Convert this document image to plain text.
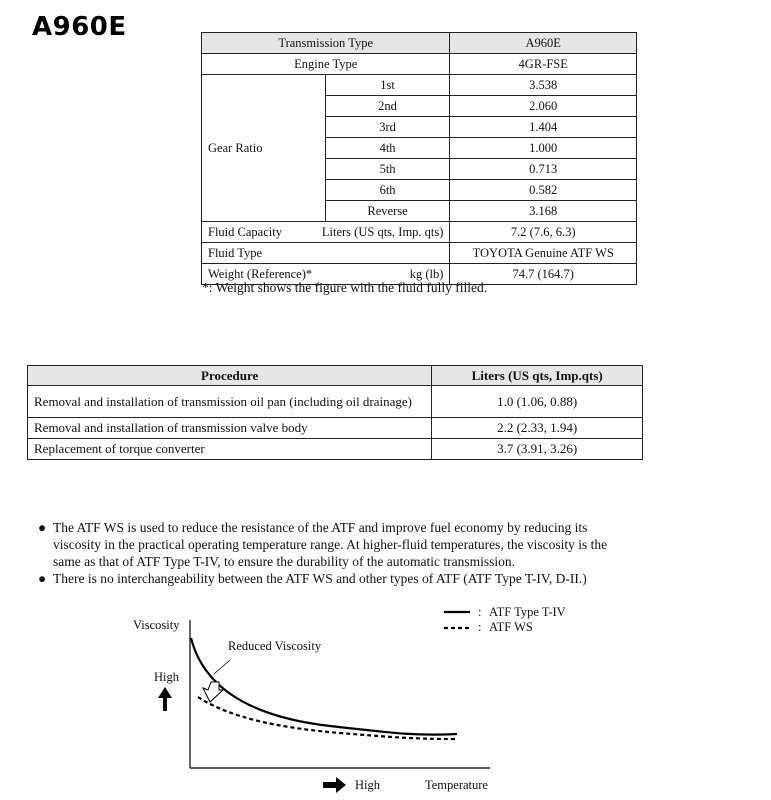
A960E
Transmission Type		A960E
Engine Type		4GR-FSE
Gear Ratio	1st	3.538
	2nd	2.060
	3rd	1.404
	4th	1.000
	5th	0.713
	6th	0.582
	Reverse	3.168
Fluid Capacity Liters (US qts, Imp. qts)		7.2 (7.6, 6.3)
Fluid Type		TOYOTA Genuine ATF WS
Weight (Reference)* kg (lb)		74.7 (164.7)
*: Weight shows the figure with the fluid fully filled.
Procedure	Liters (US qts, Imp.qts)
Removal and installation of transmission oil pan (including oil drainage)	1.0 (1.06, 0.88)
Removal and installation of transmission valve body	2.2 (2.33, 1.94)
Replacement of torque converter	3.7 (3.91, 3.26)

● The ATF WS is used to reduce the resistance of the ATF and improve fuel economy by reducing its viscosity in the practical operating temperature range. At higher-fluid temperatures, the viscosity is the same as that of ATF Type T-IV, to ensure the durability of the automatic transmission.

● There is no interchangeability between the ATF WS and other types of ATF (ATF Type T-IV, D-II.)

: ATF Type T-IV
: ATF WS
Viscosity
Reduced Viscosity
High
High	Temperature
